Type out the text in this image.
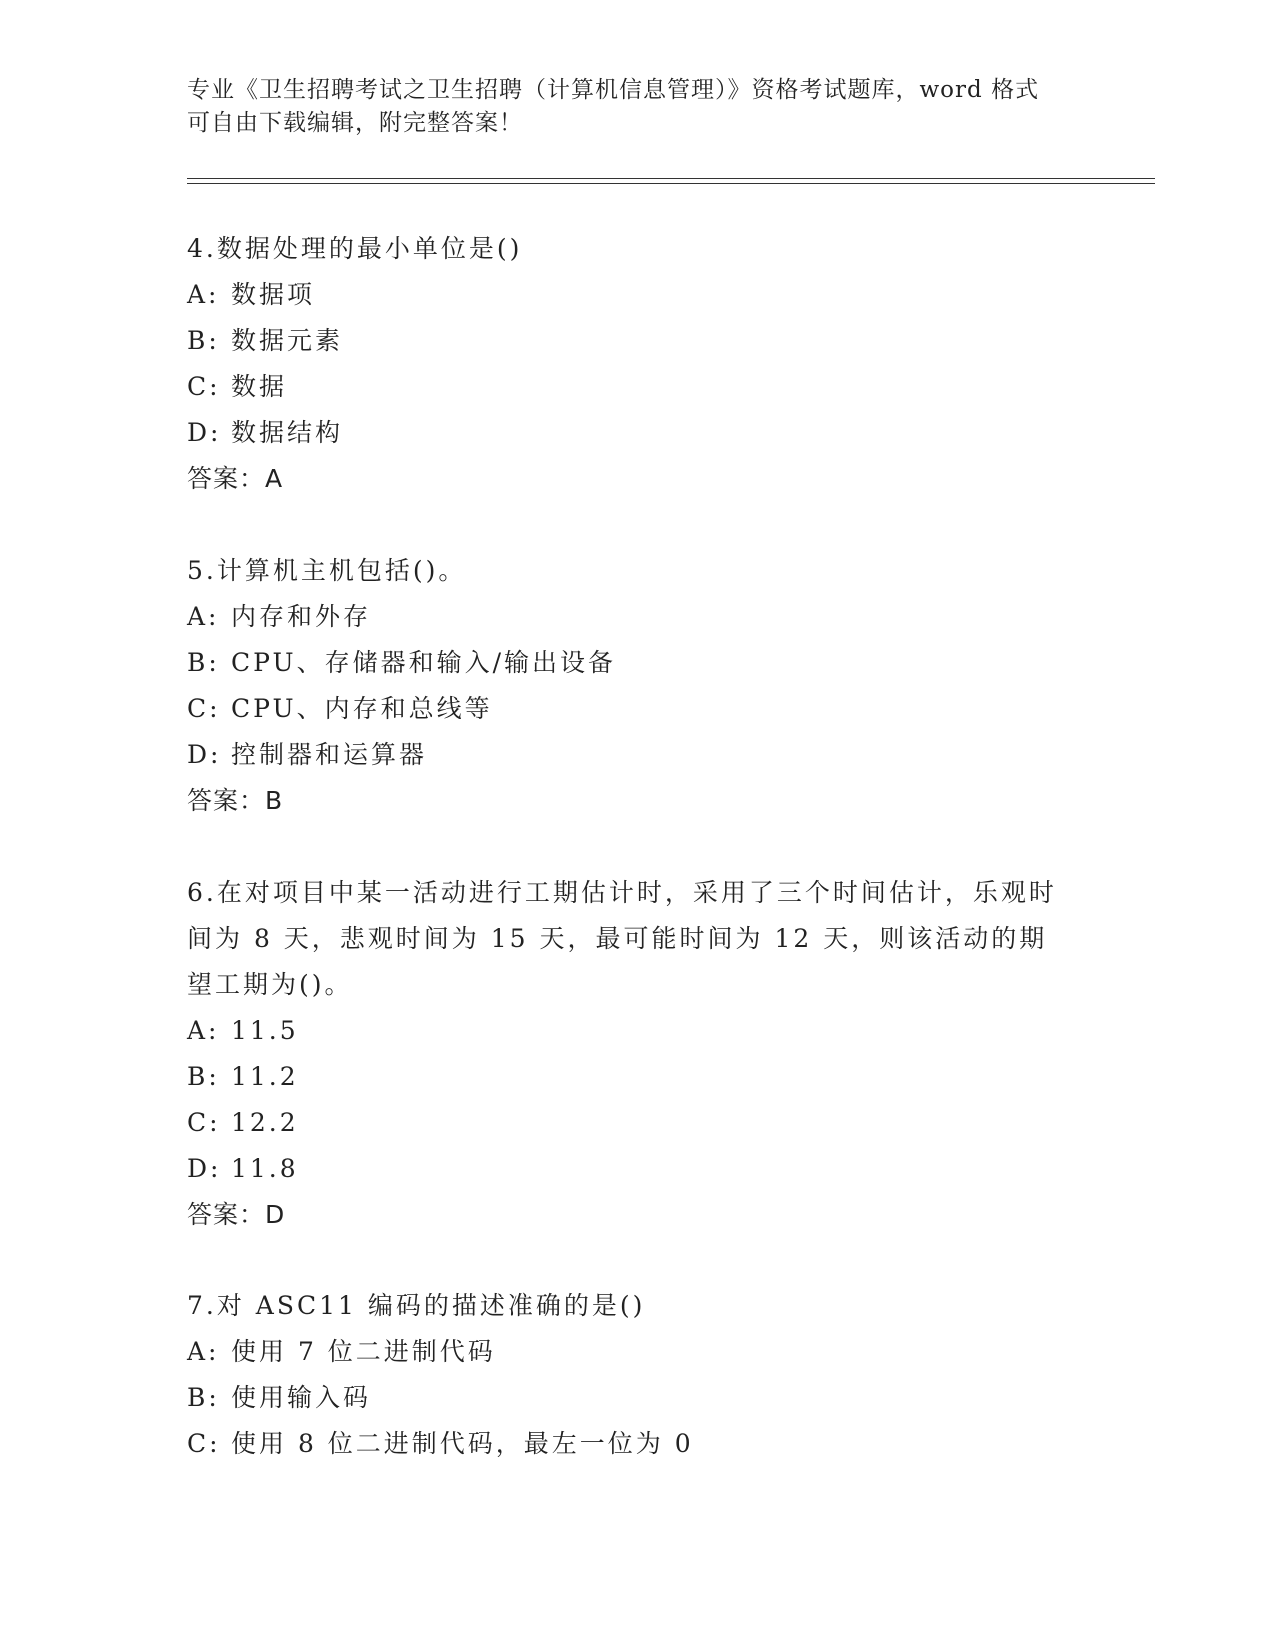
专业《卫生招聘考试之卫生招聘（计算机信息管理）》资格考试题库，word 格式
可自由下载编辑，附完整答案！

4.数据处理的最小单位是()

A: 数据项

B: 数据元素

C: 数据

D: 数据结构

答案：A

5.计算机主机包括()。

A: 内存和外存

B: CPU、存储器和输入/输出设备

C: CPU、内存和总线等

D: 控制器和运算器

答案：B

6.在对项目中某一活动进行工期估计时，采用了三个时间估计，乐观时间为 8 天，悲观时间为 15 天，最可能时间为 12 天，则该活动的期望工期为()。

A: 11.5

B: 11.2

C: 12.2

D: 11.8

答案：D

7.对 ASC11 编码的描述准确的是()

A: 使用 7 位二进制代码

B: 使用输入码

C: 使用 8 位二进制代码，最左一位为 0
